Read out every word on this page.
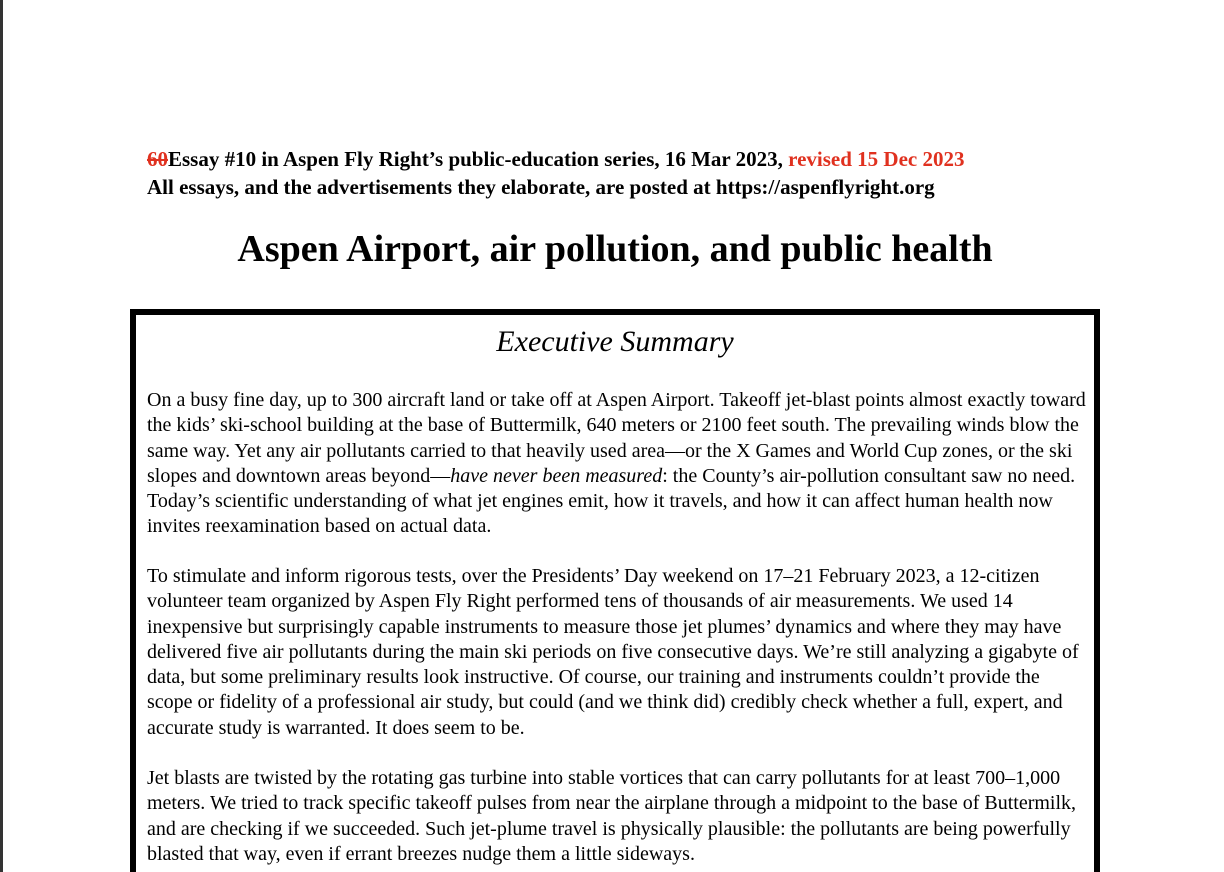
60Essay #10 in Aspen Fly Right’s public-education series, 16 Mar 2023, revised 15 Dec 2023
All essays, and the advertisements they elaborate, are posted at https://aspenflyright.org
Aspen Airport, air pollution, and public health
Executive Summary

On a busy fine day, up to 300 aircraft land or take off at Aspen Airport. Takeoff jet-blast points almost exactly toward the kids’ ski-school building at the base of Buttermilk, 640 meters or 2100 feet south. The prevailing winds blow the same way. Yet any air pollutants carried to that heavily used area—or the X Games and World Cup zones, or the ski slopes and downtown areas beyond—have never been measured: the County’s air-pollution consultant saw no need. Today’s scientific understanding of what jet engines emit, how it travels, and how it can affect human health now invites reexamination based on actual data.

To stimulate and inform rigorous tests, over the Presidents’ Day weekend on 17–21 February 2023, a 12-citizen volunteer team organized by Aspen Fly Right performed tens of thousands of air measurements. We used 14 inexpensive but surprisingly capable instruments to measure those jet plumes’ dynamics and where they may have delivered five air pollutants during the main ski periods on five consecutive days. We’re still analyzing a gigabyte of data, but some preliminary results look instructive. Of course, our training and instruments couldn’t provide the scope or fidelity of a professional air study, but could (and we think did) credibly check whether a full, expert, and accurate study is warranted. It does seem to be.

Jet blasts are twisted by the rotating gas turbine into stable vortices that can carry pollutants for at least 700–1,000 meters. We tried to track specific takeoff pulses from near the airplane through a midpoint to the base of Buttermilk, and are checking if we succeeded. Such jet-plume travel is physically plausible: the pollutants are being powerfully blasted that way, even if errant breezes nudge them a little sideways.
